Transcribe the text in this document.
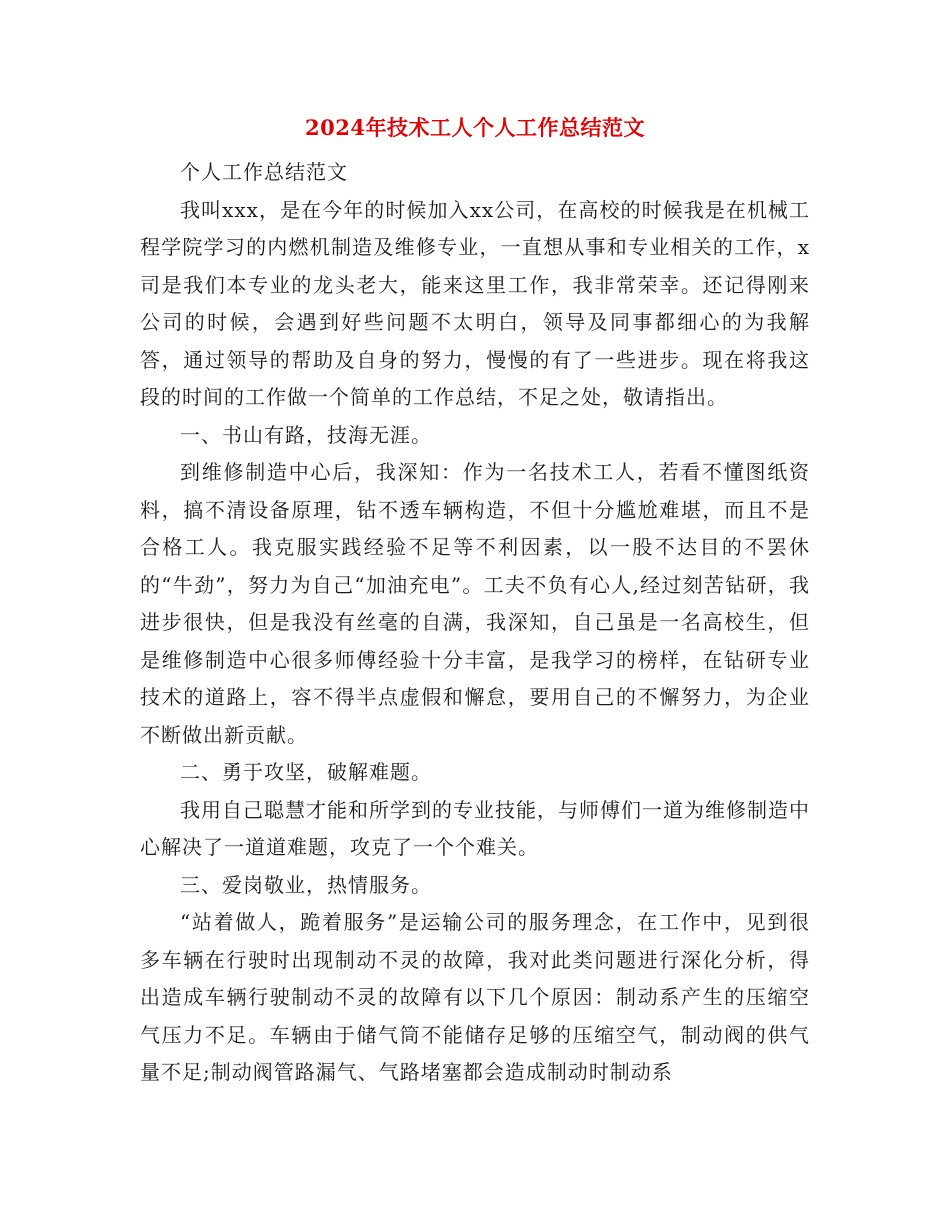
2024年技术工人个人工作总结范文

个人工作总结范文

我叫xxx，是在今年的时候加入xx公司，在高校的时候我是在机械工程学院学习的内燃机制造及维修专业，一直想从事和专业相关的工作，x司是我们本专业的龙头老大，能来这里工作，我非常荣幸。还记得刚来公司的时候，会遇到好些问题不太明白，领导及同事都细心的为我解答，通过领导的帮助及自身的努力，慢慢的有了一些进步。现在将我这段的时间的工作做一个简单的工作总结，不足之处，敬请指出。

一、书山有路，技海无涯。

到维修制造中心后，我深知：作为一名技术工人，若看不懂图纸资料，搞不清设备原理，钻不透车辆构造，不但十分尴尬难堪，而且不是合格工人。我克服实践经验不足等不利因素，以一股不达目的不罢休的“牛劲”，努力为自己“加油充电”。工夫不负有心人,经过刻苦钻研，我进步很快，但是我没有丝毫的自满，我深知，自己虽是一名高校生，但是维修制造中心很多师傅经验十分丰富，是我学习的榜样，在钻研专业技术的道路上，容不得半点虚假和懈怠，要用自己的不懈努力，为企业不断做出新贡献。

二、勇于攻坚，破解难题。

我用自己聪慧才能和所学到的专业技能，与师傅们一道为维修制造中心解决了一道道难题，攻克了一个个难关。

三、爱岗敬业，热情服务。

“站着做人，跪着服务”是运输公司的服务理念，在工作中，见到很多车辆在行驶时出现制动不灵的故障，我对此类问题进行深化分析，得出造成车辆行驶制动不灵的故障有以下几个原因：制动系产生的压缩空气压力不足。车辆由于储气筒不能储存足够的压缩空气，制动阀的供气量不足;制动阀管路漏气、气路堵塞都会造成制动时制动系
